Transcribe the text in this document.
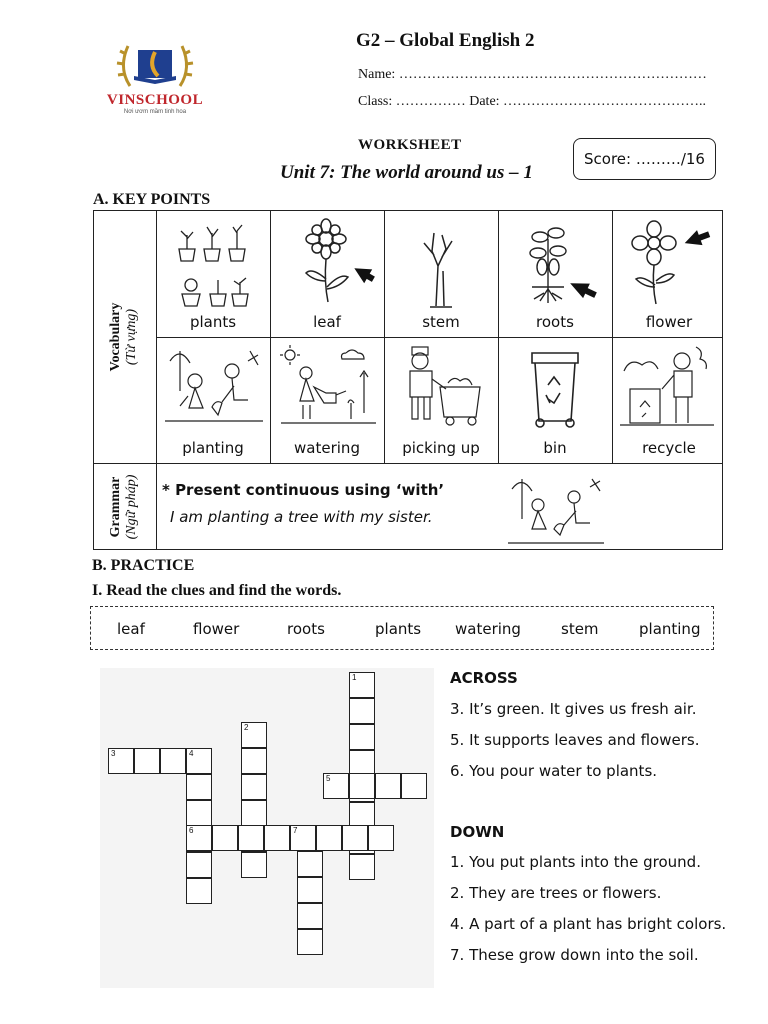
VINSCHOOL
Nơi ươm mầm tinh hoa
G2 – Global English 2
Name: …………………………………………………………
Class: …………… Date: ……………………………………..
WORKSHEET
Unit 7: The world around us – 1
Score: ………/16
A. KEY POINTS
Vocabulary (Từ vựng)
Grammar (Ngữ pháp)
plants	leaf	stem	roots	flower
planting	watering	picking up	bin	recycle
* Present continuous using ‘with’
I am planting a tree with my sister.
B. PRACTICE
I. Read the clues and find the words.
leaf	flower	roots	plants watering	stem	planting
1
2
3	4
5
6	7
ACROSS
3. It’s green. It gives us fresh air.
5. It supports leaves and flowers.
6. You pour water to plants.
DOWN
1. You put plants into the ground.
2. They are trees or flowers.
4. A part of a plant has bright colors.
7. These grow down into the soil.
